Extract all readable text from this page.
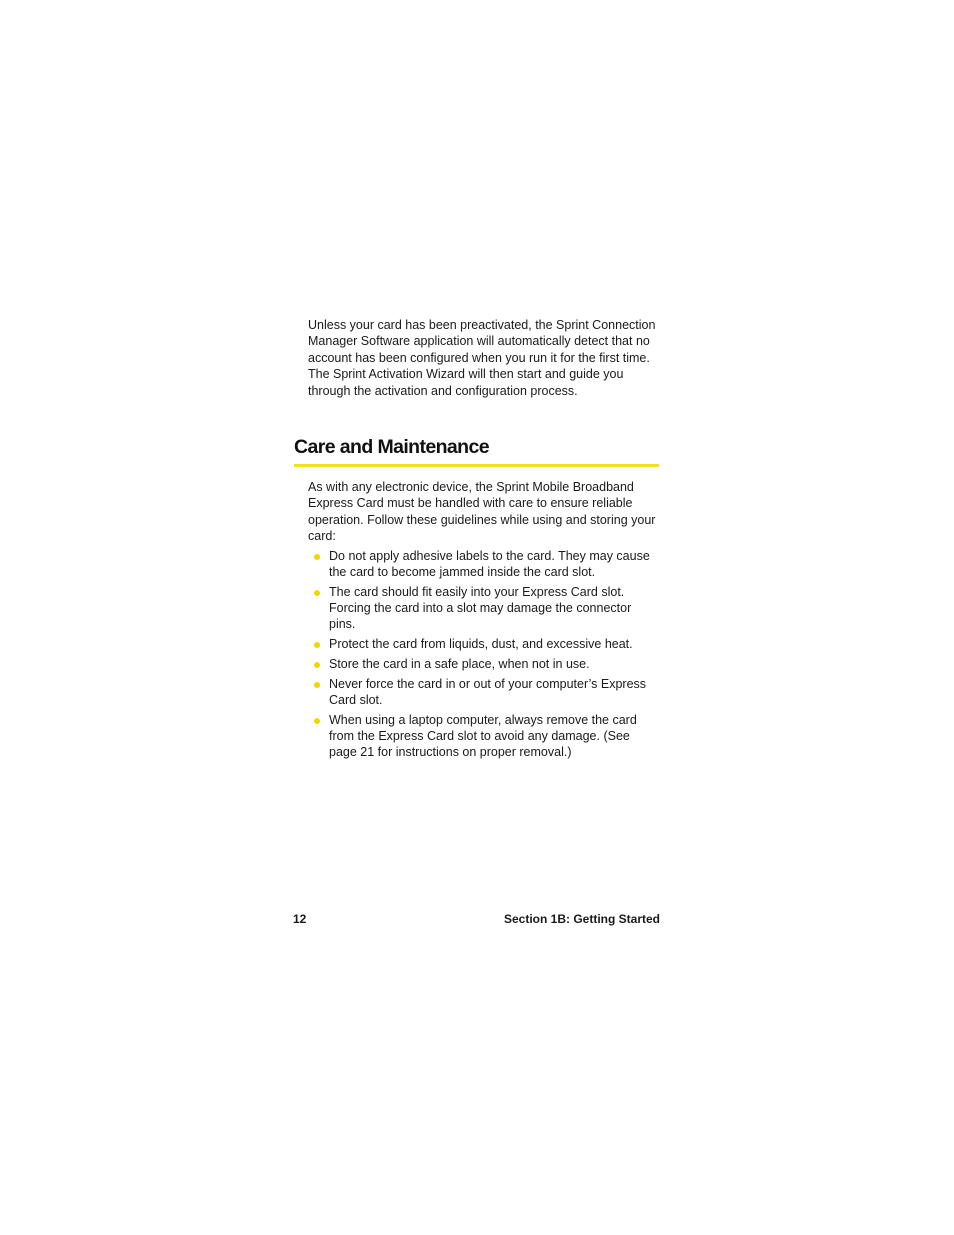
Unless your card has been preactivated, the Sprint Connection Manager Software application will automatically detect that no account has been configured when you run it for the first time. The Sprint Activation Wizard will then start and guide you through the activation and configuration process.

Care and Maintenance

As with any electronic device, the Sprint Mobile Broadband Express Card must be handled with care to ensure reliable operation. Follow these guidelines while using and storing your card:

Do not apply adhesive labels to the card. They may cause the card to become jammed inside the card slot.
The card should fit easily into your Express Card slot. Forcing the card into a slot may damage the connector pins.
Protect the card from liquids, dust, and excessive heat.
Store the card in a safe place, when not in use.
Never force the card in or out of your computer’s Express Card slot.
When using a laptop computer, always remove the card from the Express Card slot to avoid any damage. (See page 21 for instructions on proper removal.)
12	Section 1B: Getting Started
